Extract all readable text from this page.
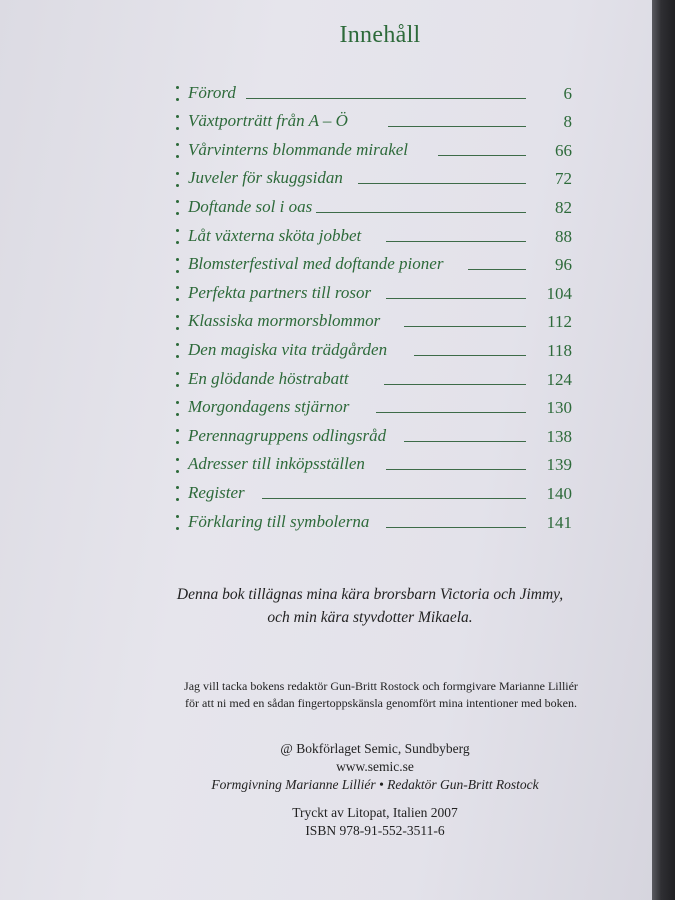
Innehåll
Förord	6
Växtporträtt från A – Ö	8
Vårvinterns blommande mirakel	66
Juveler för skuggsidan	72
Doftande sol i oas	82
Låt växterna sköta jobbet	88
Blomsterfestival med doftande pioner	96
Perfekta partners till rosor	104
Klassiska mormorsblommor	112
Den magiska vita trädgården	118
En glödande höstrabatt	124
Morgondagens stjärnor	130
Perennagruppens odlingsråd	138
Adresser till inköpsställen	139
Register	140
Förklaring till symbolerna	141
Denna bok tillägnas mina kära brorsbarn Victoria och Jimmy,
och min kära styvdotter Mikaela.
Jag vill tacka bokens redaktör Gun-Britt Rostock och formgivare Marianne Lilliér
för att ni med en sådan fingertoppskänsla genomfört mina intentioner med boken.
@ Bokförlaget Semic, Sundbyberg
www.semic.se
Formgivning Marianne Lilliér • Redaktör Gun-Britt Rostock
Tryckt av Litopat, Italien 2007
ISBN 978-91-552-3511-6
